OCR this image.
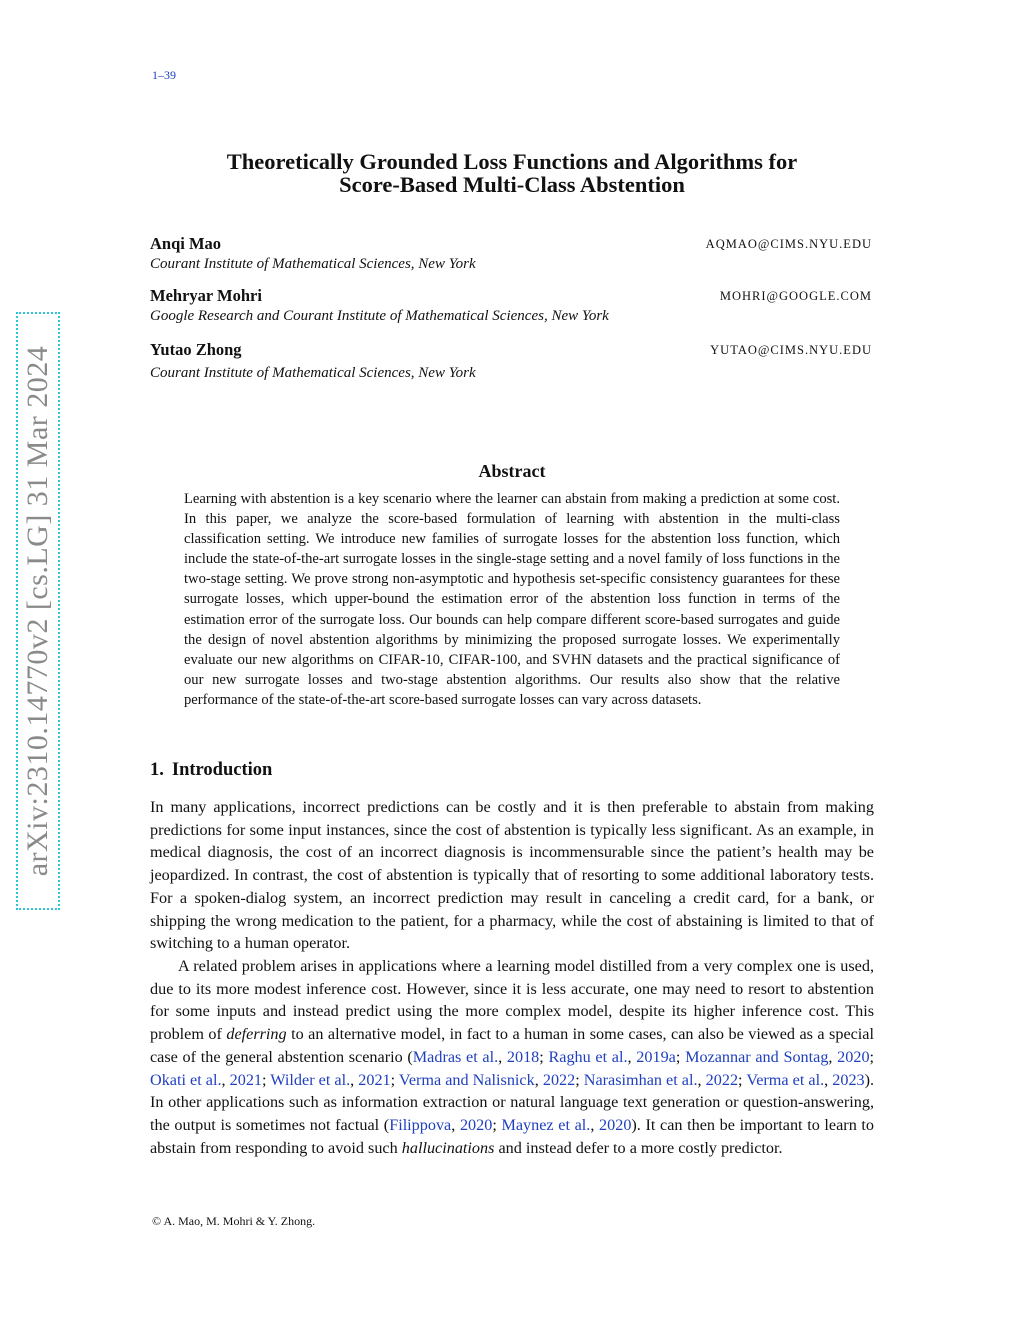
1–39
arXiv:2310.14770v2 [cs.LG] 31 Mar 2024
Theoretically Grounded Loss Functions and Algorithms for
Score-Based Multi-Class Abstention
Anqi Mao	AQMAO@CIMS.NYU.EDU
Courant Institute of Mathematical Sciences, New York
Mehryar Mohri	MOHRI@GOOGLE.COM
Google Research and Courant Institute of Mathematical Sciences, New York
Yutao Zhong	YUTAO@CIMS.NYU.EDU
Courant Institute of Mathematical Sciences, New York
Abstract
Learning with abstention is a key scenario where the learner can abstain from making a prediction at some cost. In this paper, we analyze the score-based formulation of learning with abstention in the multi-class classification setting. We introduce new families of surrogate losses for the abstention loss function, which include the state-of-the-art surrogate losses in the single-stage setting and a novel family of loss functions in the two-stage setting. We prove strong non-asymptotic and hypothesis set-specific consistency guarantees for these surrogate losses, which upper-bound the estimation error of the abstention loss function in terms of the estimation error of the surrogate loss. Our bounds can help compare different score-based surrogates and guide the design of novel abstention algorithms by minimizing the proposed surrogate losses. We experimentally evaluate our new algorithms on CIFAR-10, CIFAR-100, and SVHN datasets and the practical significance of our new surrogate losses and two-stage abstention algorithms. Our results also show that the relative performance of the state-of-the-art score-based surrogate losses can vary across datasets.
1. Introduction
In many applications, incorrect predictions can be costly and it is then preferable to abstain from making predictions for some input instances, since the cost of abstention is typically less significant. As an example, in medical diagnosis, the cost of an incorrect diagnosis is incommensurable since the patient’s health may be jeopardized. In contrast, the cost of abstention is typically that of resorting to some additional laboratory tests. For a spoken-dialog system, an incorrect prediction may result in canceling a credit card, for a bank, or shipping the wrong medication to the patient, for a pharmacy, while the cost of abstaining is limited to that of switching to a human operator.
A related problem arises in applications where a learning model distilled from a very complex one is used, due to its more modest inference cost. However, since it is less accurate, one may need to resort to abstention for some inputs and instead predict using the more complex model, despite its higher inference cost. This problem of deferring to an alternative model, in fact to a human in some cases, can also be viewed as a special case of the general abstention scenario (Madras et al., 2018; Raghu et al., 2019a; Mozannar and Sontag, 2020; Okati et al., 2021; Wilder et al., 2021; Verma and Nalisnick, 2022; Narasimhan et al., 2022; Verma et al., 2023). In other applications such as information extraction or natural language text generation or question-answering, the output is sometimes not factual (Filippova, 2020; Maynez et al., 2020). It can then be important to learn to abstain from responding to avoid such hallucinations and instead defer to a more costly predictor.
© A. Mao, M. Mohri & Y. Zhong.
